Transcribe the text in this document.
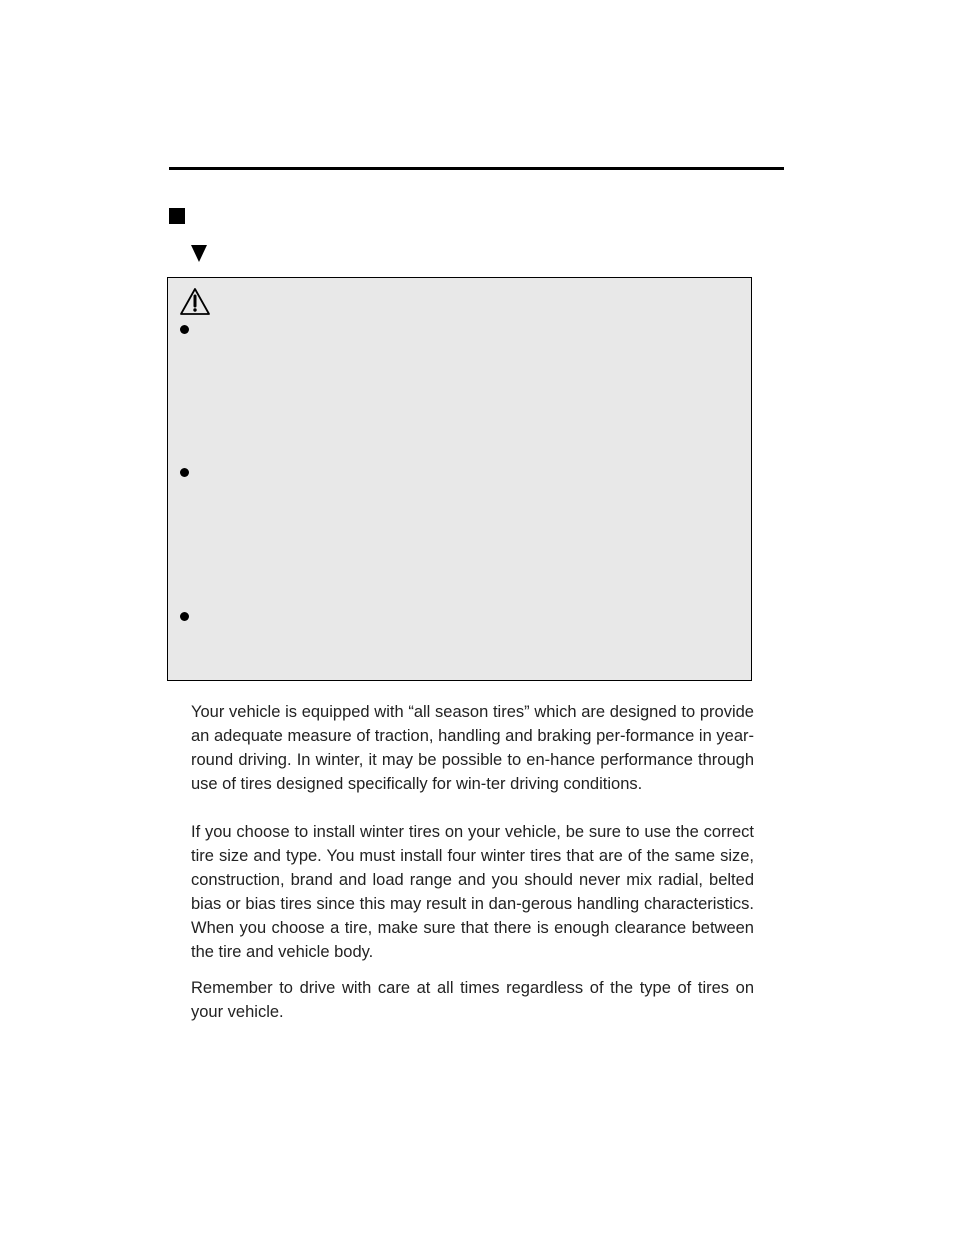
Your vehicle is equipped with “all season tires” which are designed to provide an adequate measure of traction, handling and braking per-formance in year-round driving. In winter, it may be possible to en-hance performance through use of tires designed specifically for win-ter driving conditions.

If you choose to install winter tires on your vehicle, be sure to use the correct tire size and type. You must install four winter tires that are of the same size, construction, brand and load range and you should never mix radial, belted bias or bias tires since this may result in dan-gerous handling characteristics. When you choose a tire, make sure that there is enough clearance between the tire and vehicle body.

Remember to drive with care at all times regardless of the type of tires on your vehicle.
